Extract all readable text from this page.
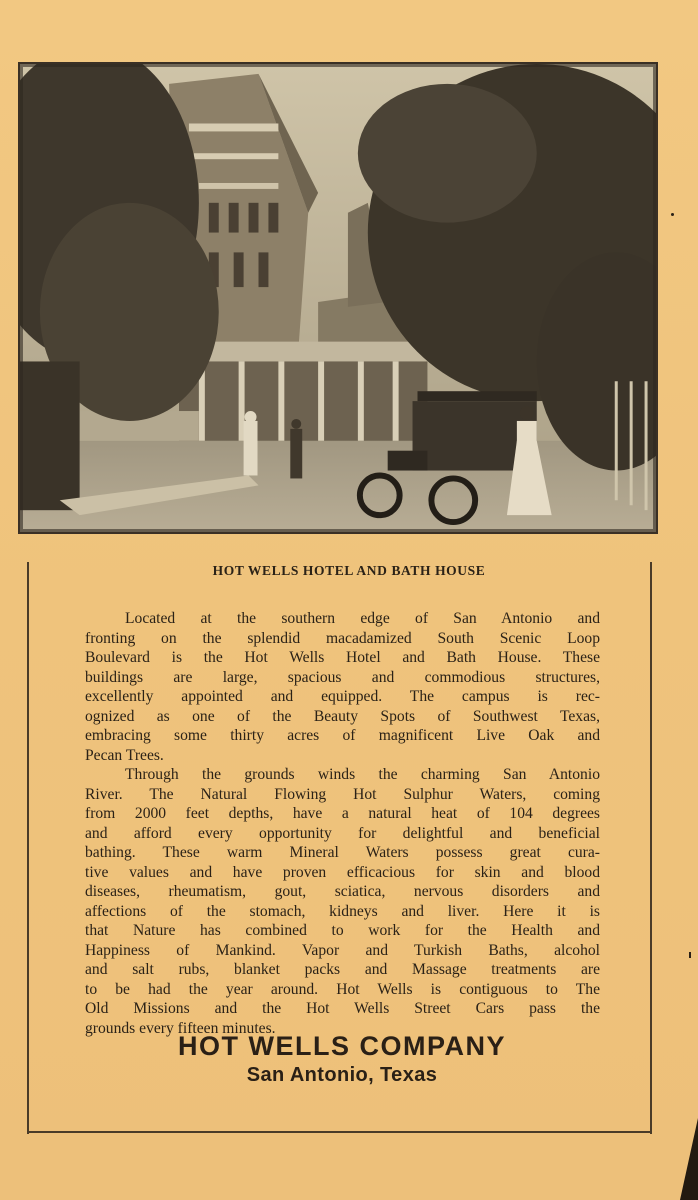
HOT WELLS HOTEL AND BATH HOUSE
Located at the southern edge of San Antonio and
fronting on the splendid macadamized South Scenic Loop
Boulevard is the Hot Wells Hotel and Bath House. These
buildings are large, spacious and commodious structures,
excellently appointed and equipped. The campus is rec-
ognized as one of the Beauty Spots of Southwest Texas,
embracing some thirty acres of magnificent Live Oak and
Pecan Trees.
Through the grounds winds the charming San Antonio
River. The Natural Flowing Hot Sulphur Waters, coming
from 2000 feet depths, have a natural heat of 104 degrees
and afford every opportunity for delightful and beneficial
bathing. These warm Mineral Waters possess great cura-
tive values and have proven efficacious for skin and blood
diseases, rheumatism, gout, sciatica, nervous disorders and
affections of the stomach, kidneys and liver. Here it is
that Nature has combined to work for the Health and
Happiness of Mankind. Vapor and Turkish Baths, alcohol
and salt rubs, blanket packs and Massage treatments are
to be had the year around. Hot Wells is contiguous to The
Old Missions and the Hot Wells Street Cars pass the
grounds every fifteen minutes.
HOT WELLS COMPANY
San Antonio, Texas
